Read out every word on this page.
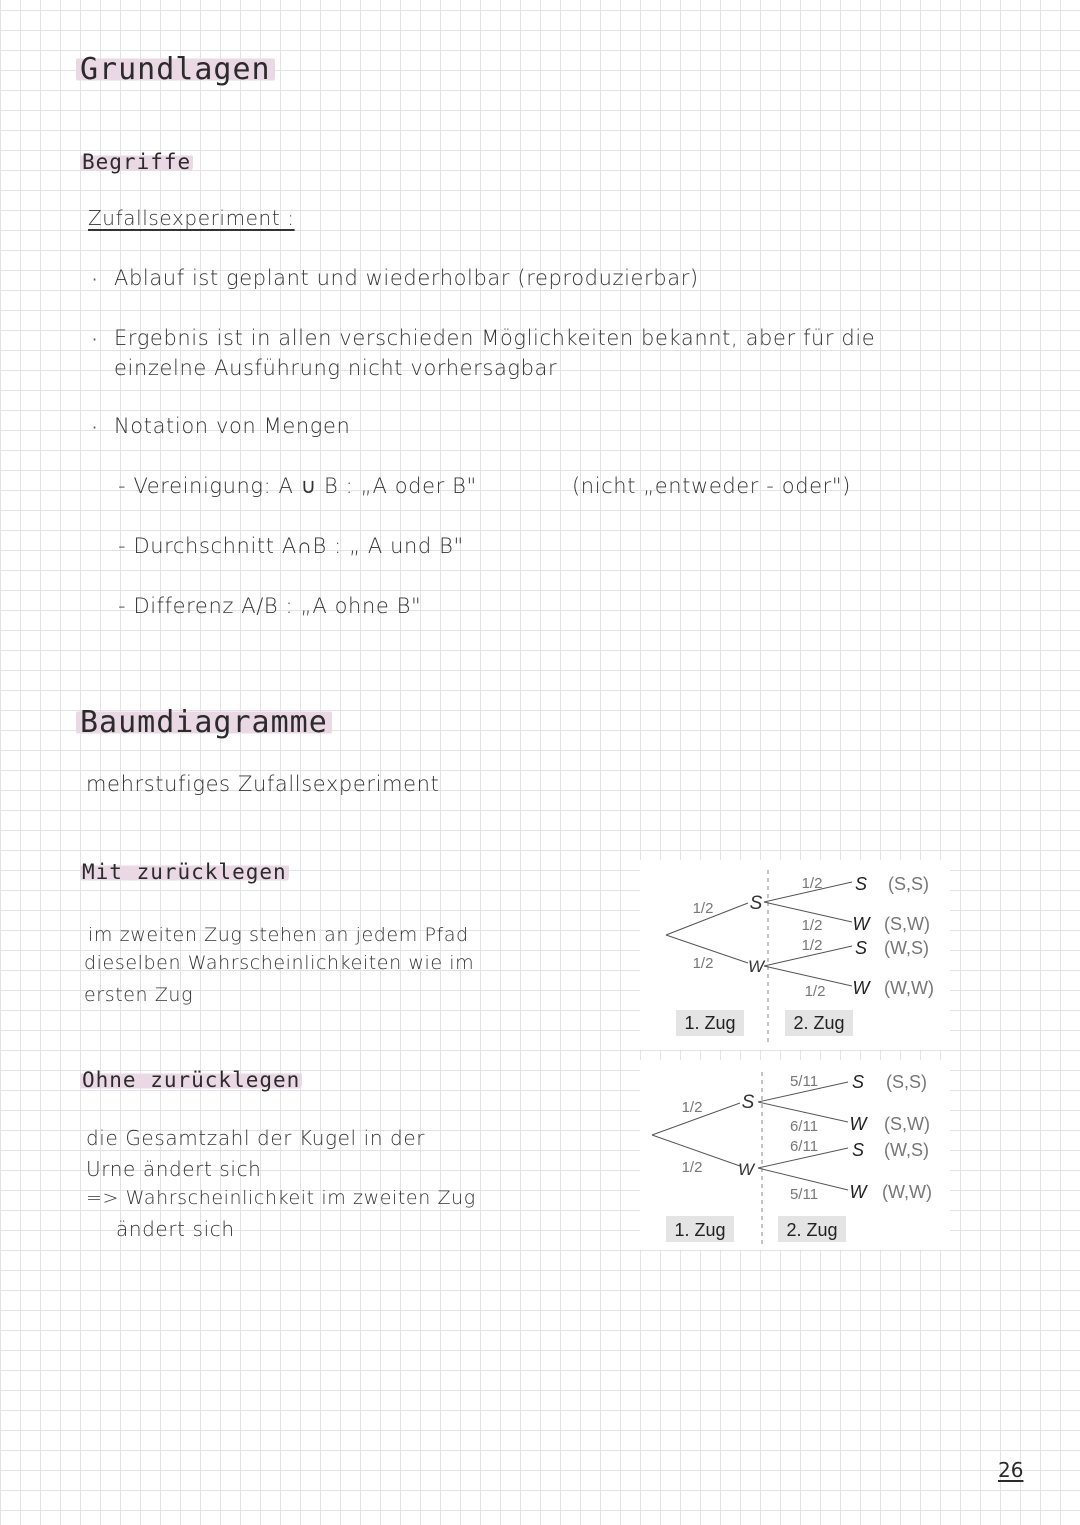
Grundlagen
Begriffe
Zufallsexperiment :
· Ablauf ist geplant und wiederholbar (reproduzierbar)
· Ergebnis ist in allen verschieden Möglichkeiten bekannt, aber für die
einzelne Ausführung nicht vorhersagbar
· Notation von Mengen
- Vereinigung: A ∪ B : „A oder B"	(nicht „entweder - oder")
- Durchschnitt A∩B : „ A und B"
- Differenz A/B : „A ohne B"
Baumdiagramme
mehrstufiges Zufallsexperiment
Mit zurücklegen
im zweiten Zug stehen an jedem Pfad
dieselben Wahrscheinlichkeiten wie im
ersten Zug
Ohne zurücklegen
die Gesamtzahl der Kugel in der
Urne ändert sich
=> Wahrscheinlichkeit im zweiten Zug
ändert sich
1/2
1/2
S
W
1/2
1/2
1/2
1/2
S
W
S
W
(S,S)
(S,W)
(W,S)
(W,W)
1. Zug	2. Zug
1/2
1/2
S
W
5/11
6/11
6/11
5/11
S
W
S
W
(S,S)
(S,W)
(W,S)
(W,W)
1. Zug	2. Zug
26
